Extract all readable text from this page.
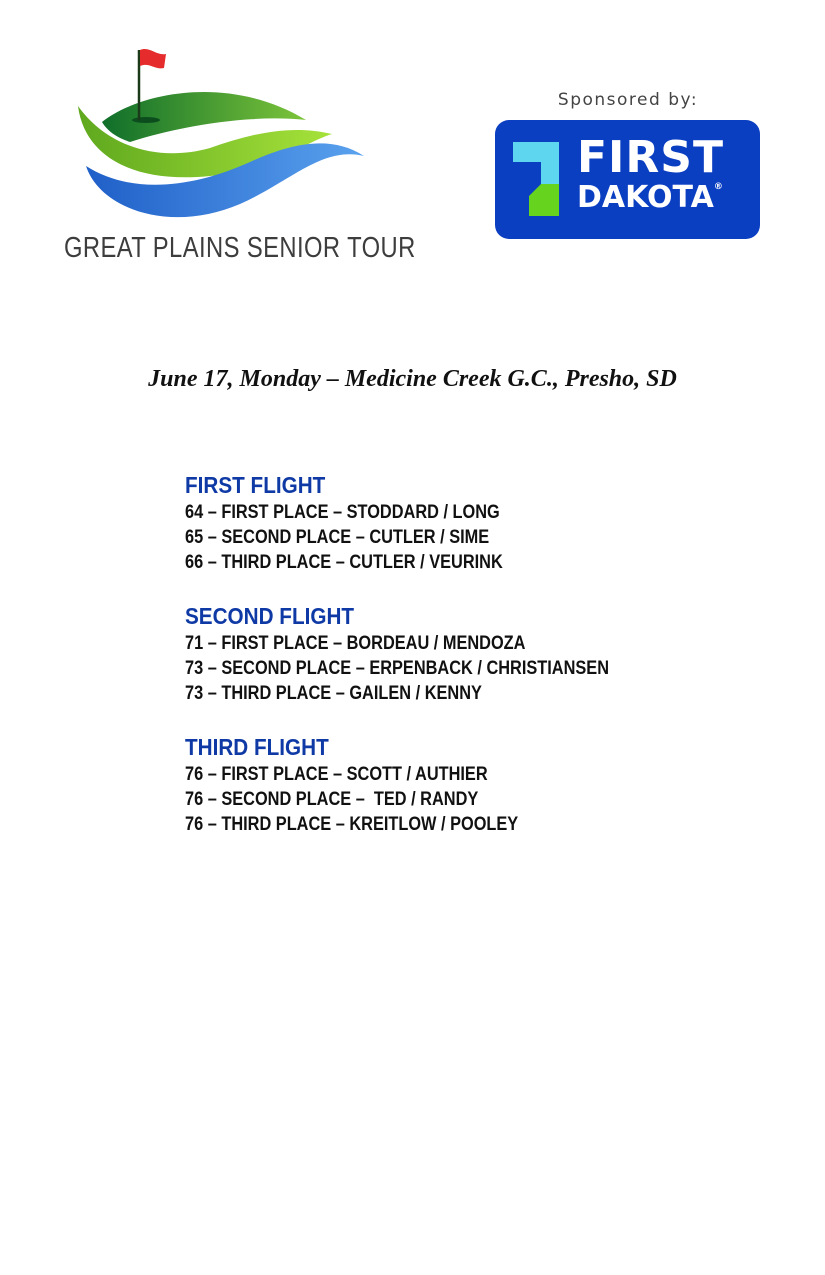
GREAT PLAINS SENIOR TOUR
Sponsored by:
FIRST
DAKOTA®
June 17, Monday – Medicine Creek G.C., Presho, SD
FIRST FLIGHT
64 – FIRST PLACE – STODDARD / LONG
65 – SECOND PLACE – CUTLER / SIME
66 – THIRD PLACE – CUTLER / VEURINK
SECOND FLIGHT
71 – FIRST PLACE – BORDEAU / MENDOZA
73 – SECOND PLACE – ERPENBACK / CHRISTIANSEN
73 – THIRD PLACE – GAILEN / KENNY
THIRD FLIGHT
76 – FIRST PLACE – SCOTT / AUTHIER
76 – SECOND PLACE –  TED / RANDY
76 – THIRD PLACE – KREITLOW / POOLEY
